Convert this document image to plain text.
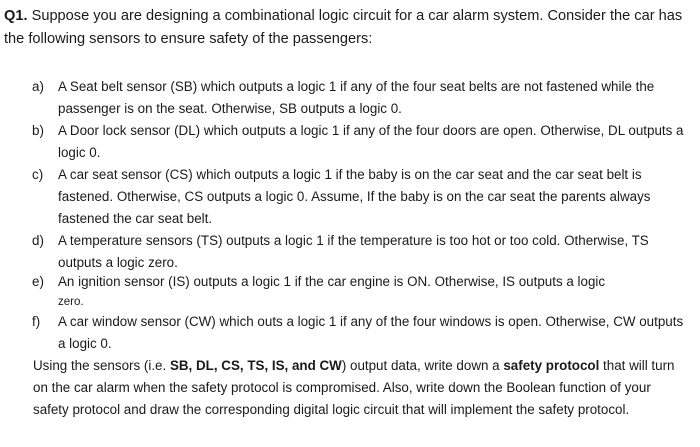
Q1. Suppose you are designing a combinational logic circuit for a car alarm system. Consider the car has the following sensors to ensure safety of the passengers:

a) A Seat belt sensor (SB) which outputs a logic 1 if any of the four seat belts are not fastened while the passenger is on the seat. Otherwise, SB outputs a logic 0.
b) A Door lock sensor (DL) which outputs a logic 1 if any of the four doors are open. Otherwise, DL outputs a logic 0.
c) A car seat sensor (CS) which outputs a logic 1 if the baby is on the car seat and the car seat belt is fastened. Otherwise, CS outputs a logic 0. Assume, If the baby is on the car seat the parents always fastened the car seat belt.
d) A temperature sensors (TS) outputs a logic 1 if the temperature is too hot or too cold. Otherwise, TS outputs a logic zero.
e) An ignition sensor (IS) outputs a logic 1 if the car engine is ON. Otherwise, IS outputs a logic
zero.
f) A car window sensor (CW) which outs a logic 1 if any of the four windows is open. Otherwise, CW outputs a logic 0.

Using the sensors (i.e. SB, DL, CS, TS, IS, and CW) output data, write down a safety protocol that will turn on the car alarm when the safety protocol is compromised. Also, write down the Boolean function of your safety protocol and draw the corresponding digital logic circuit that will implement the safety protocol.
